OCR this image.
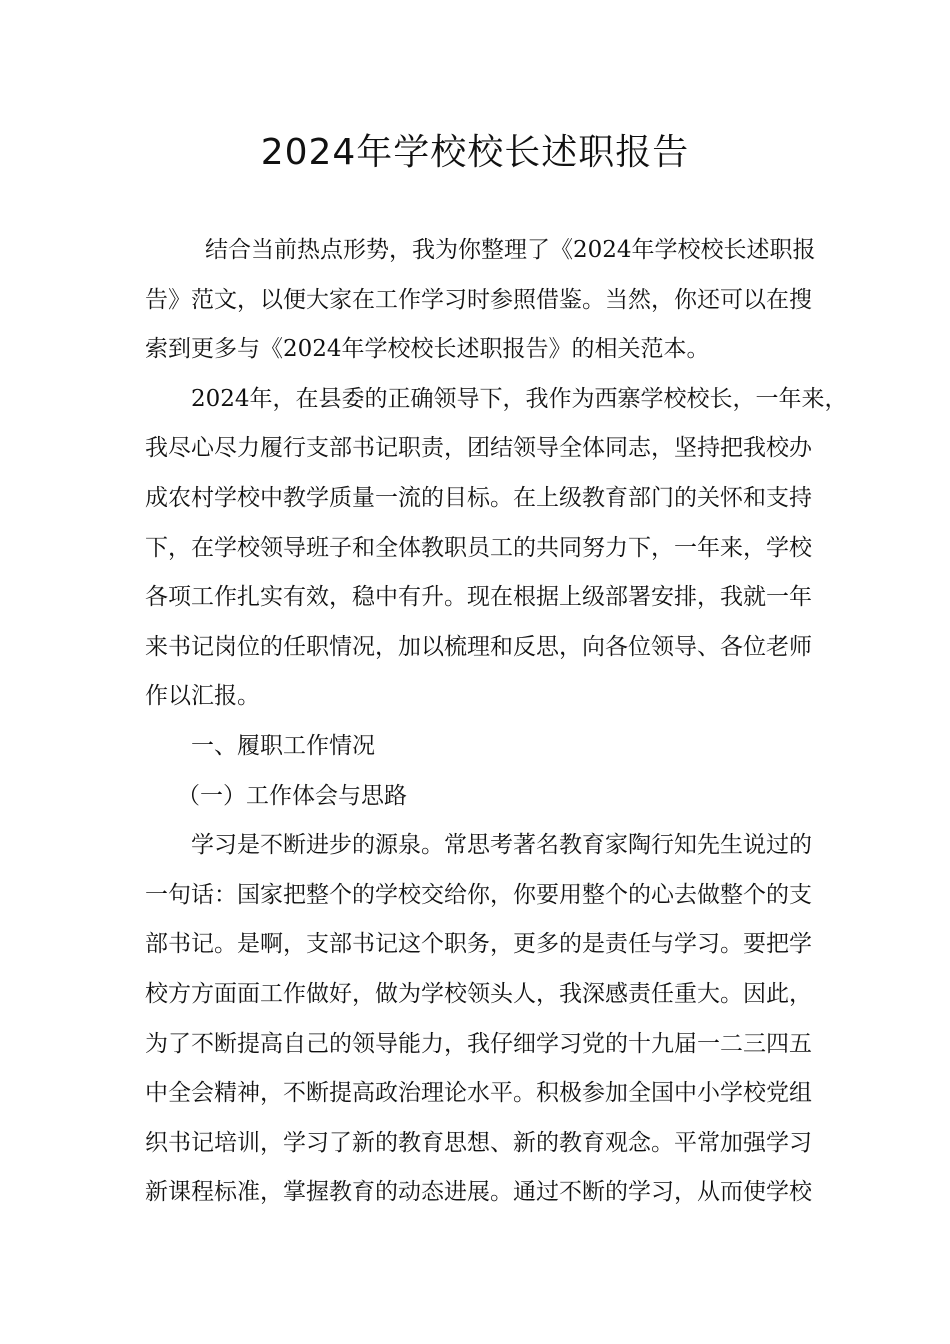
2024年学校校长述职报告
结合当前热点形势，我为你整理了《2024年学校校长述职报
告》范文，以便大家在工作学习时参照借鉴。当然，你还可以在搜
索到更多与《2024年学校校长述职报告》的相关范本。
2024年，在县委的正确领导下，我作为西寨学校校长，一年来，
我尽心尽力履行支部书记职责，团结领导全体同志，坚持把我校办
成农村学校中教学质量一流的目标。在上级教育部门的关怀和支持
下，在学校领导班子和全体教职员工的共同努力下，一年来，学校
各项工作扎实有效，稳中有升。现在根据上级部署安排，我就一年
来书记岗位的任职情况，加以梳理和反思，向各位领导、各位老师
作以汇报。
一、履职工作情况
（一）工作体会与思路
学习是不断进步的源泉。常思考著名教育家陶行知先生说过的
一句话：国家把整个的学校交给你，你要用整个的心去做整个的支
部书记。是啊，支部书记这个职务，更多的是责任与学习。要把学
校方方面面工作做好，做为学校领头人，我深感责任重大。因此，
为了不断提高自己的领导能力，我仔细学习党的十九届一二三四五
中全会精神，不断提高政治理论水平。积极参加全国中小学校党组
织书记培训，学习了新的教育思想、新的教育观念。平常加强学习
新课程标准，掌握教育的动态进展。通过不断的学习，从而使学校
